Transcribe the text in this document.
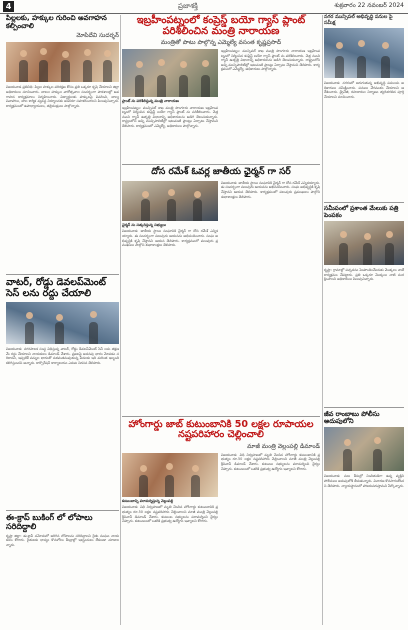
4	ప్రజాశక్తి	శుక్రవారం 22 నవంబర్ 2024
పిల్లలకు, హక్కుల గురించి అవగాహన కల్పించాలి
మోపిదేవి సుదర్శన్
విజయవాడ ప్రతినిధి: పిల్లల హక్కుల పరిరక్షణ కోసం ప్రతి ఒక్కరూ కృషి చేయాలని జిల్లా అధికారులు సూచించారు. బాలల హక్కుల వారోత్సవాల సందర్భంగా పాఠశాలల్లో అవగాహన కార్యక్రమాలు నిర్వహించారు. విద్యార్థులకు హక్కులపై వివరించి, బాల్య వివాహాలు, బాల కార్మిక వ్యవస్థ నిర్మూలనకు అందరూ సహకరించాలని పిలుపునిచ్చారు. కార్యక్రమంలో ఉపాధ్యాయులు, తల్లిదండ్రులు పాల్గొన్నారు.
వాటర్, రోడ్డు డెవలప్‌మెంట్ సెస్ లను రద్దు చేయాలి
విజయవాడ: నగరపాలక సంస్థ విధిస్తున్న వాటర్, రోడ్డు డెవలప్‌మెంట్ సెస్ లను తక్షణమే రద్దు చేయాలని నాయకులు డిమాండ్ చేశారు. ప్రజలపై అదనపు భారం మోపడం సరికాదని, ఇప్పటికే పన్నుల భారంతో సతమతమవుతున్న పేదలకు ఇది మరింత ఇబ్బంది కలిగిస్తుందని అన్నారు. కార్పొరేషన్ కార్యాలయం ఎదుట నిరసన తెలిపారు.
ఈ-క్రాప్ బుకింగ్ లో లోపాలు సరిదిద్దాలి
కృష్ణా జిల్లా: ఈ-క్రాప్ నమోదులో జరిగిన లోపాలను సరిదిద్దాలని రైతు సంఘం నాయకులు కోరారు. రైతులకు ధాన్యం కొనుగోలు కేంద్రాల్లో ఇబ్బందులు లేకుండా చూడాలన్నారు.
ఇబ్రహీంపట్నంలో కంప్రెస్డ్ బయో గ్యాస్ ప్లాంట్ పరిశీలించిన మంత్రి నారాయణ
మంత్రితో పాటు పాల్గొన్న ఎమ్మెల్యే వసంత కృష్ణప్రసాద్
ప్లాంట్ ను పరిశీలిస్తున్న మంత్రి నారాయణ
ఇబ్రహీంపట్నం: మున్సిపల్ శాఖ మంత్రి పొంగూరు నారాయణ ఇబ్రహీంపట్నంలో నిర్మించిన కంప్రెస్డ్ బయో గ్యాస్ ప్లాంట్ ను పరిశీలించారు. చెత్త నుంచి గ్యాస్ ఉత్పత్తి విధానాన్ని అధికారులను అడిగి తెలుసుకున్నారు. రాష్ట్రంలోని అన్ని మున్సిపాలిటీల్లో ఇటువంటి ప్లాంట్లు ఏర్పాటు చేస్తామని తెలిపారు. కార్యక్రమంలో ఎమ్మెల్యే, అధికారులు పాల్గొన్నారు.
ఇబ్రహీంపట్నం: మున్సిపల్ శాఖ మంత్రి పొంగూరు నారాయణ ఇబ్రహీంపట్నంలో నిర్మించిన కంప్రెస్డ్ బయో గ్యాస్ ప్లాంట్ ను పరిశీలించారు. చెత్త నుంచి గ్యాస్ ఉత్పత్తి విధానాన్ని అధికారులను అడిగి తెలుసుకున్నారు. రాష్ట్రంలోని అన్ని మున్సిపాలిటీల్లో ఇటువంటి ప్లాంట్లు ఏర్పాటు చేస్తామని తెలిపారు. కార్యక్రమంలో ఎమ్మెల్యే, అధికారులు పాల్గొన్నారు.
దోస రమేశ్ ఓవర్ల జాతీయ ఛైర్మన్ గా సర్
ఛైర్మన్ ను సత్కరిస్తున్న సభ్యులు
విజయవాడ: జాతీయ స్థాయి సంఘానికి ఛైర్మన్ గా దోస రమేశ్ ఎన్నికయ్యారు. ఈ సందర్భంగా పలువురు ఆయనను అభినందించారు. సంఘ అభివృద్ధికి కృషి చేస్తానని ఆయన తెలిపారు. కార్యక్రమంలో పలువురు ప్రముఖులు పాల్గొని శుభాకాంక్షలు తెలిపారు.
విజయవాడ: జాతీయ స్థాయి సంఘానికి ఛైర్మన్ గా దోస రమేశ్ ఎన్నికయ్యారు. ఈ సందర్భంగా పలువురు ఆయనను అభినందించారు. సంఘ అభివృద్ధికి కృషి చేస్తానని ఆయన తెలిపారు. కార్యక్రమంలో పలువురు ప్రముఖులు పాల్గొని శుభాకాంక్షలు తెలిపారు.
హోంగార్డు జాబ్ కుటుంబానికి 50 లక్షల రూపాయల నష్టపరిహారం చెల్లించాలి
మాజీ మంత్రి వెల్లంపల్లి డిమాండ్
కుటుంబాన్ని పరామర్శిస్తున్న వెల్లంపల్లి
విజయవాడ: విధి నిర్వహణలో మృతి చెందిన హోంగార్డు కుటుంబానికి ప్రభుత్వం రూ.50 లక్షల నష్టపరిహారం చెల్లించాలని మాజీ మంత్రి వెల్లంపల్లి శ్రీనివాస్ డిమాండ్ చేశారు. కుటుంబ సభ్యులను పరామర్శించి ధైర్యం చెప్పారు. కుటుంబంలో ఒకరికి ప్రభుత్వ ఉద్యోగం ఇవ్వాలని కోరారు.
విజయవాడ: విధి నిర్వహణలో మృతి చెందిన హోంగార్డు కుటుంబానికి ప్రభుత్వం రూ.50 లక్షల నష్టపరిహారం చెల్లించాలని మాజీ మంత్రి వెల్లంపల్లి శ్రీనివాస్ డిమాండ్ చేశారు. కుటుంబ సభ్యులను పరామర్శించి ధైర్యం చెప్పారు. కుటుంబంలో ఒకరికి ప్రభుత్వ ఉద్యోగం ఇవ్వాలని కోరారు.
నగర మున్సిపల్ అభివృద్ధి పనుల పై సమీక్ష
విజయవాడ: నగరంలో జరుగుతున్న అభివృద్ధి పనులను అధికారులు సమీక్షించారు. పనులు వేగవంతం చేయాలని ఆదేశించారు. డ్రైనేజీ, రహదారుల నిర్మాణం త్వరితగతిన పూర్తి చేయాలని సూచించారు.
సమీపంలో ప్రశాంత మేలుకు పత్రి పెంపకం
కృష్ణా: గ్రామాల్లో పచ్చదనం పెంపొందించేందుకు మొక్కలు నాటే కార్యక్రమం చేపట్టారు. ప్రతి ఒక్కరూ మొక్కలు నాటి సంరక్షించాలని అధికారులు పిలుపునిచ్చారు.
జీవ రాంబాబు పోలీసు అదుపులోని
విజయవాడ: పలు కేసుల్లో నిందితుడిగా ఉన్న వ్యక్తిని పోలీసులు అదుపులోకి తీసుకున్నారు. విచారణ కొనసాగుతోందని తెలిపారు. న్యాయస్థానంలో హాజరుపరుస్తామని పేర్కొన్నారు.
